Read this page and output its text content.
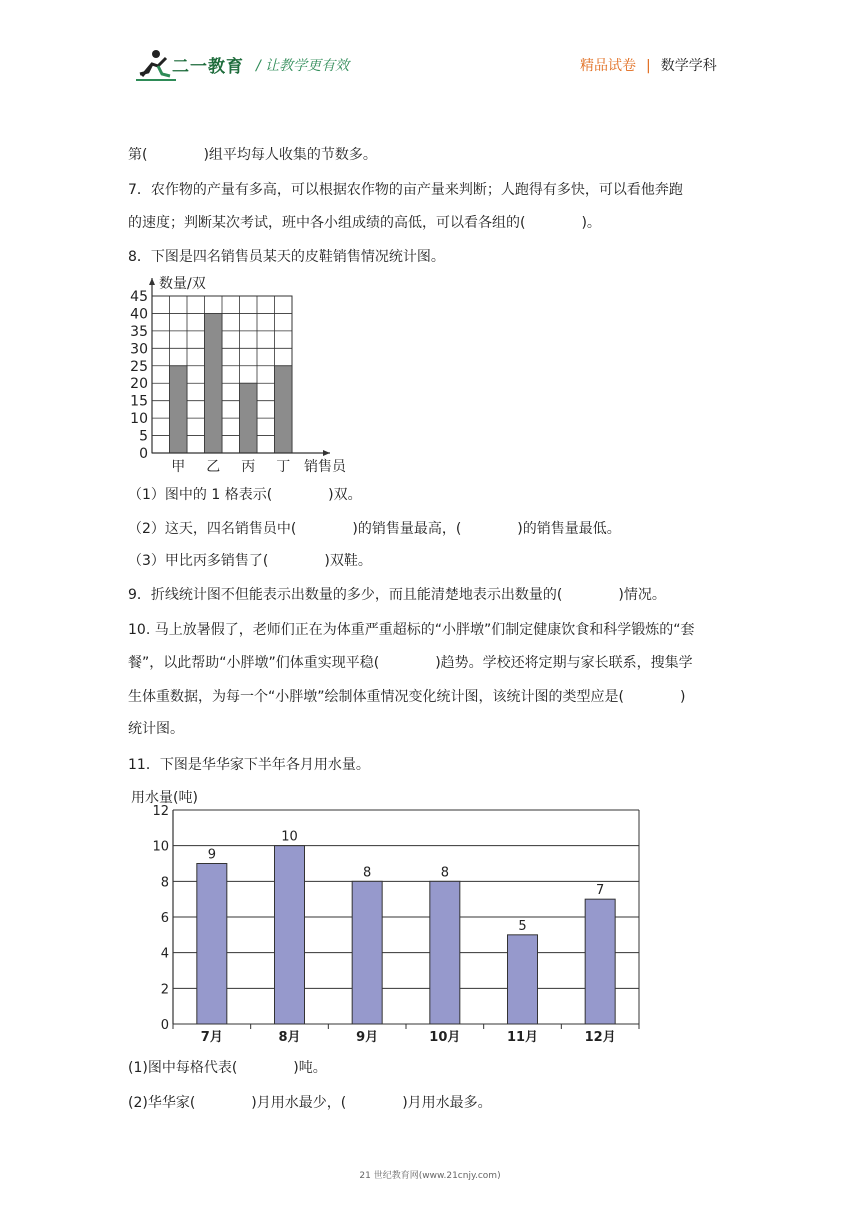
二一教育 / 让教学更有效	精品试卷 | 数学学科
第(　　　　)组平均每人收集的节数多。
7．农作物的产量有多高，可以根据农作物的亩产量来判断；人跑得有多快，可以看他奔跑
的速度；判断某次考试，班中各小组成绩的高低，可以看各组的(　　　　)。
8．下图是四名销售员某天的皮鞋销售情况统计图。
0
5
10
15
20
25
30
35
40
45
甲 乙 丙 丁 销售员
数量/双
（1）图中的 1 格表示(　　　　)双。
（2）这天，四名销售员中(　　　　)的销售量最高，(　　　　)的销售量最低。
（3）甲比丙多销售了(　　　　)双鞋。
9．折线统计图不但能表示出数量的多少，而且能清楚地表示出数量的(　　　　)情况。
10. 马上放暑假了，老师们正在为体重严重超标的“小胖墩”们制定健康饮食和科学锻炼的“套
餐”，以此帮助“小胖墩”们体重实现平稳(　　　　)趋势。学校还将定期与家长联系，搜集学
生体重数据，为每一个“小胖墩”绘制体重情况变化统计图，该统计图的类型应是(　　　　)
统计图。
11．下图是华华家下半年各月用水量。
9
7月
10
8月
8
9月
8
10月
5
11月
7
12月
0
2
4
6
8
10
12
用水量(吨)
(1)图中每格代表(　　　　)吨。
(2)华华家(　　　　)月用水最少，(　　　　)月用水最多。
21 世纪教育网(www.21cnjy.com)
